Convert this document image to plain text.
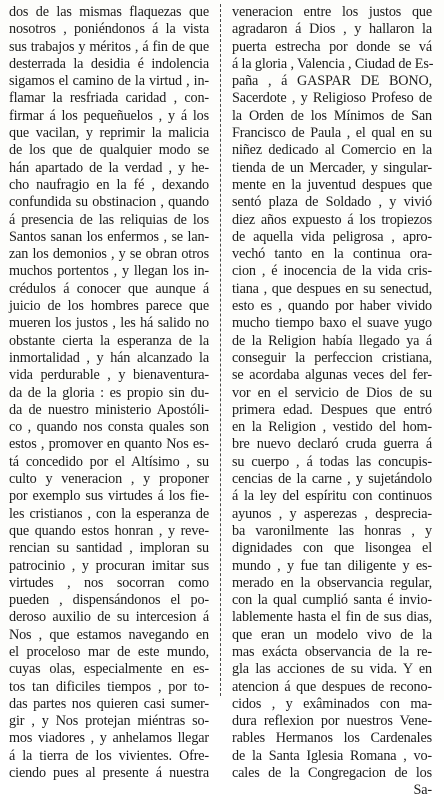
dos de las mismas flaquezas que
nosotros , poniéndonos á la vista
sus trabajos y méritos , á fin de que
desterrada la desidia é indolencia
sigamos el camino de la virtud , in-
flamar la resfriada caridad , con-
firmar á los pequeñuelos , y á los
que vacilan, y reprimir la malicia
de los que de qualquier modo se
hán apartado de la verdad , y he-
cho naufragio en la fé , dexando
confundida su obstinacion , quando
á presencia de las reliquias de los
Santos sanan los enfermos , se lan-
zan los demonios , y se obran otros
muchos portentos , y llegan los in-
crédulos á conocer que aunque á
juicio de los hombres parece que
mueren los justos , les há salido no
obstante cierta la esperanza de la
inmortalidad , y hán alcanzado la
vida perdurable , y bienaventura-
da de la gloria : es propio sin du-
da de nuestro ministerio Apostóli-
co , quando nos consta quales son
estos , promover en quanto Nos es-
tá concedido por el Altísimo , su
culto y veneracion , y proponer
por exemplo sus virtudes á los fie-
les cristianos , con la esperanza de
que quando estos honran , y reve-
rencian su santidad , imploran su
patrocinio , y procuran imitar sus
virtudes , nos socorran como
pueden , dispensándonos el po-
deroso auxilio de su intercesion á
Nos , que estamos navegando en
el proceloso mar de este mundo,
cuyas olas, especialmente en es-
tos tan dificiles tiempos , por to-
das partes nos quieren casi sumer-
gir , y Nos protejan miéntras so-
mos viadores , y anhelamos llegar
á la tierra de los vivientes. Ofre-
ciendo pues al presente á nuestra
veneracion entre los justos que
agradaron á Dios , y hallaron la
puerta estrecha por donde se vá
á la gloria , Valencia , Ciudad de Es-
paña , á GASPAR DE BONO,
Sacerdote , y Religioso Profeso de
la Orden de los Mínimos de San
Francisco de Paula , el qual en su
niñez dedicado al Comercio en la
tienda de un Mercader, y singular-
mente en la juventud despues que
sentó plaza de Soldado , y vivió
diez años expuesto á los tropiezos
de aquella vida peligrosa , apro-
vechó tanto en la continua ora-
cion , é inocencia de la vida cris-
tiana , que despues en su senectud,
esto es , quando por haber vivido
mucho tiempo baxo el suave yugo
de la Religion había llegado ya á
conseguir la perfeccion cristiana,
se acordaba algunas veces del fer-
vor en el servicio de Dios de su
primera edad. Despues que entró
en la Religion , vestido del hom-
bre nuevo declaró cruda guerra á
su cuerpo , á todas las concupis-
cencias de la carne , y sujetándolo
á la ley del espíritu con continuos
ayunos , y asperezas , desprecia-
ba varonilmente las honras , y
dignidades con que lisongea el
mundo , y fue tan diligente y es-
merado en la observancia regular,
con la qual cumplió santa é invio-
lablemente hasta el fin de sus dias,
que eran un modelo vivo de la
mas exácta observancia de la re-
gla las acciones de su vida. Y en
atencion á que despues de recono-
cidos , y exâminados con ma-
dura reflexion por nuestros Vene-
rables Hermanos los Cardenales
de la Santa Iglesia Romana , vo-
cales de la Congregacion de los
Sa-
